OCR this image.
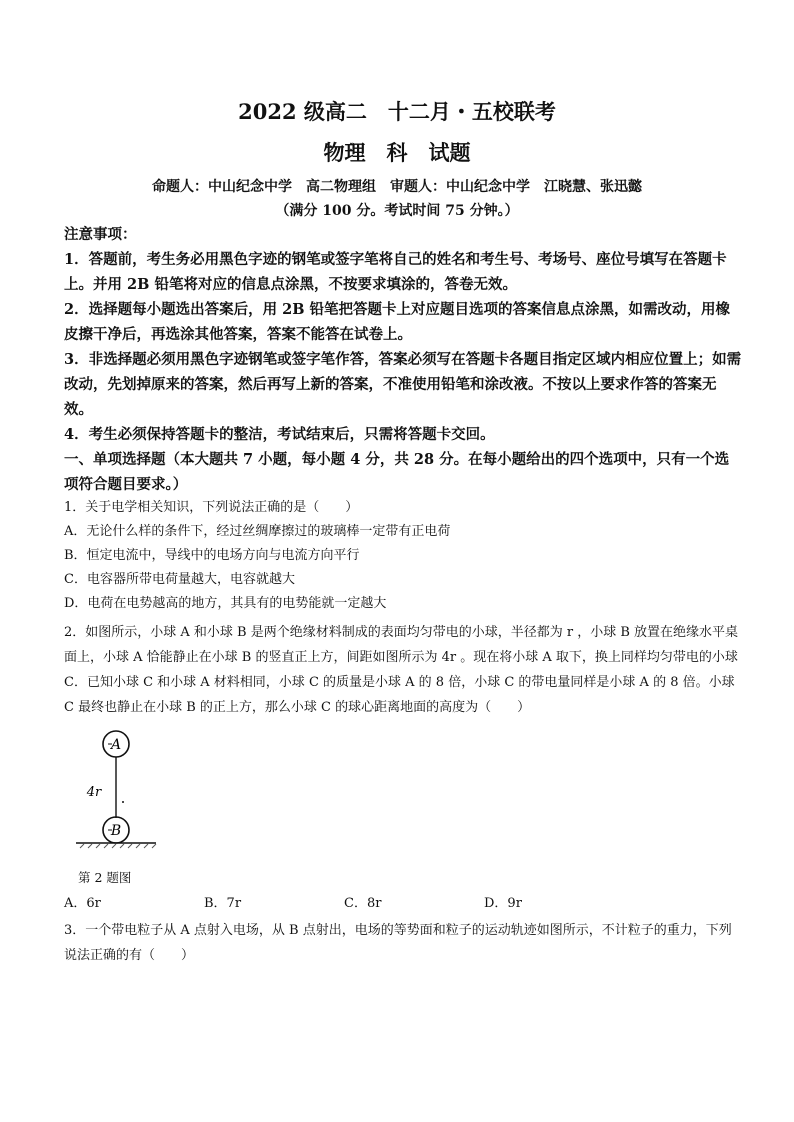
2022 级高二　十二月・五校联考
物理　科　试题
命题人：中山纪念中学　高二物理组　审题人：中山纪念中学　江晓慧、张迅懿
（满分 100 分。考试时间 75 分钟。）

注意事项：

1．答题前，考生务必用黑色字迹的钢笔或签字笔将自己的姓名和考生号、考场号、座位号填写在答题卡上。并用 2B 铅笔将对应的信息点涂黑，不按要求填涂的，答卷无效。

2．选择题每小题选出答案后，用 2B 铅笔把答题卡上对应题目选项的答案信息点涂黑，如需改动，用橡皮擦干净后，再选涂其他答案，答案不能答在试卷上。

3．非选择题必须用黑色字迹钢笔或签字笔作答，答案必须写在答题卡各题目指定区域内相应位置上；如需改动，先划掉原来的答案，然后再写上新的答案，不准使用铅笔和涂改液。不按以上要求作答的答案无效。

4．考生必须保持答题卡的整洁，考试结束后，只需将答题卡交回。

一、单项选择题（本大题共 7 小题，每小题 4 分，共 28 分。在每小题给出的四个选项中，只有一个选项符合题目要求。）

1．关于电学相关知识，下列说法正确的是（　　）

A．无论什么样的条件下，经过丝绸摩擦过的玻璃棒一定带有正电荷

B．恒定电流中，导线中的电场方向与电流方向平行

C．电容器所带电荷量越大，电容就越大

D．电荷在电势越高的地方，其具有的电势能就一定越大

2．如图所示，小球 A 和小球 B 是两个绝缘材料制成的表面均匀带电的小球，半径都为 r ，小球 B 放置在绝缘水平桌面上，小球 A 恰能静止在小球 B 的竖直正上方，间距如图所示为 4r 。现在将小球 A 取下，换上同样均匀带电的小球 C．已知小球 C 和小球 A 材料相同，小球 C 的质量是小球 A 的 8 倍，小球 C 的带电量同样是小球 A 的 8 倍。小球 C 最终也静止在小球 B 的正上方，那么小球 C 的球心距离地面的高度为（　　）

A
4r
B
第 2 题图
A．6r	B．7r	C．8r	D．9r

3．一个带电粒子从 A 点射入电场，从 B 点射出，电场的等势面和粒子的运动轨迹如图所示，不计粒子的重力，下列说法正确的有（　　）
